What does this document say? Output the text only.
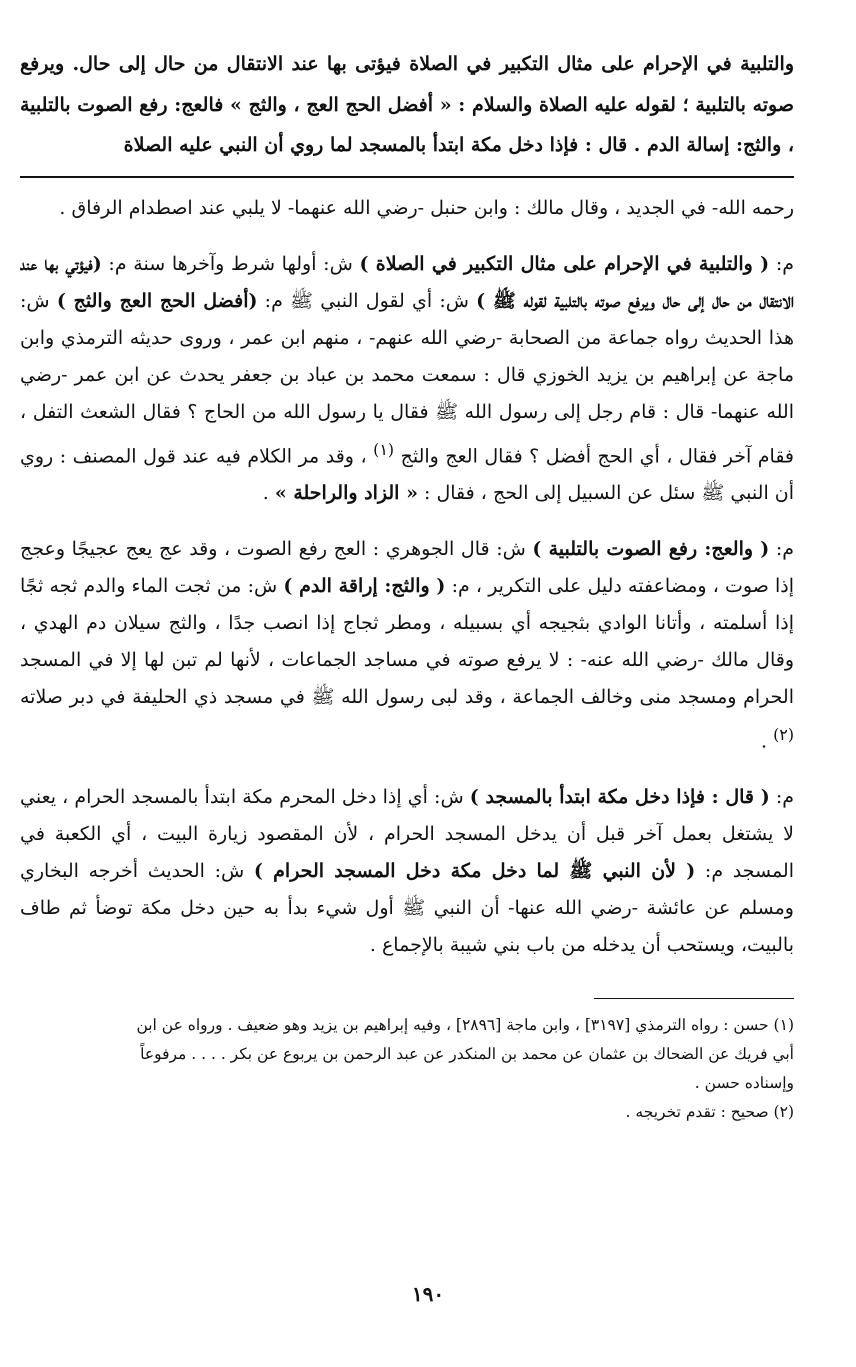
والتلبية في الإحرام على مثال التكبير في الصلاة فيؤتى بها عند الانتقال من حال إلى حال. ويرفع صوته بالتلبية ؛ لقوله عليه الصلاة والسلام : « أفضل الحج العج ، والثج » فالعج: رفع الصوت بالتلبية ، والثج: إسالة الدم . قال : فإذا دخل مكة ابتدأ بالمسجد لما روي أن النبي عليه الصلاة

رحمه الله- في الجديد ، وقال مالك : وابن حنبل -رضي الله عنهما- لا يلبي عند اصطدام الرفاق .

م: ( والتلبية في الإحرام على مثال التكبير في الصلاة ) ش: أولها شرط وآخرها سنة م: (فيؤتي بها عند الانتقال من حال إلى حال ويرفع صوته بالتلبية لقوله ﷺ ) ش: أي لقول النبي ﷺ م: (أفضل الحج العج والثج ) ش: هذا الحديث رواه جماعة من الصحابة -رضي الله عنهم- ، منهم ابن عمر ، وروى حديثه الترمذي وابن ماجة عن إبراهيم بن يزيد الخوزي قال : سمعت محمد بن عباد بن جعفر يحدث عن ابن عمر -رضي الله عنهما- قال : قام رجل إلى رسول الله ﷺ فقال يا رسول الله من الحاج ؟ فقال الشعث التفل ، فقام آخر فقال ، أي الحج أفضل ؟ فقال العج والثج $^{(١)}$ ، وقد مر الكلام فيه عند قول المصنف : روي أن النبي ﷺ سئل عن السبيل إلى الحج ، فقال : « الزاد والراحلة » .

م: ( والعج: رفع الصوت بالتلبية ) ش: قال الجوهري : العج رفع الصوت ، وقد عج يعج عجيجًا وعجج إذا صوت ، ومضاعفته دليل على التكرير ، م: ( والثج: إراقة الدم ) ش: من ثجت الماء والدم ثجه ثجًا إذا أسلمته ، وأتانا الوادي بثجيجه أي بسبيله ، ومطر ثجاج إذا انصب جدًا ، والثج سيلان دم الهدي ، وقال مالك -رضي الله عنه- : لا يرفع صوته في مساجد الجماعات ، لأنها لم تبن لها إلا في المسجد الحرام ومسجد منى وخالف الجماعة ، وقد لبى رسول الله ﷺ في مسجد ذي الحليفة في دبر صلاته $^{(٢)}$ .

م: ( قال : فإذا دخل مكة ابتدأ بالمسجد ) ش: أي إذا دخل المحرم مكة ابتدأ بالمسجد الحرام ، يعني لا يشتغل بعمل آخر قبل أن يدخل المسجد الحرام ، لأن المقصود زيارة البيت ، أي الكعبة في المسجد م: ( لأن النبي ﷺ لما دخل مكة دخل المسجد الحرام ) ش: الحديث أخرجه البخاري ومسلم عن عائشة -رضي الله عنها- أن النبي ﷺ أول شيء بدأ به حين دخل مكة توضأ ثم طاف بالبيت، ويستحب أن يدخله من باب بني شيبة بالإجماع .

(١) حسن : رواه الترمذي [٣١٩٧] ، وابن ماجة [٢٨٩٦] ، وفيه إبراهيم بن يزيد وهو ضعيف . ورواه عن ابن

أبي فريك عن الضحاك بن عثمان عن محمد بن المنكدر عن عبد الرحمن بن يربوع عن بكر . . . . مرفوعاً

وإسناده حسن .

(٢) صحيح : تقدم تخريجه .

١٩٠
